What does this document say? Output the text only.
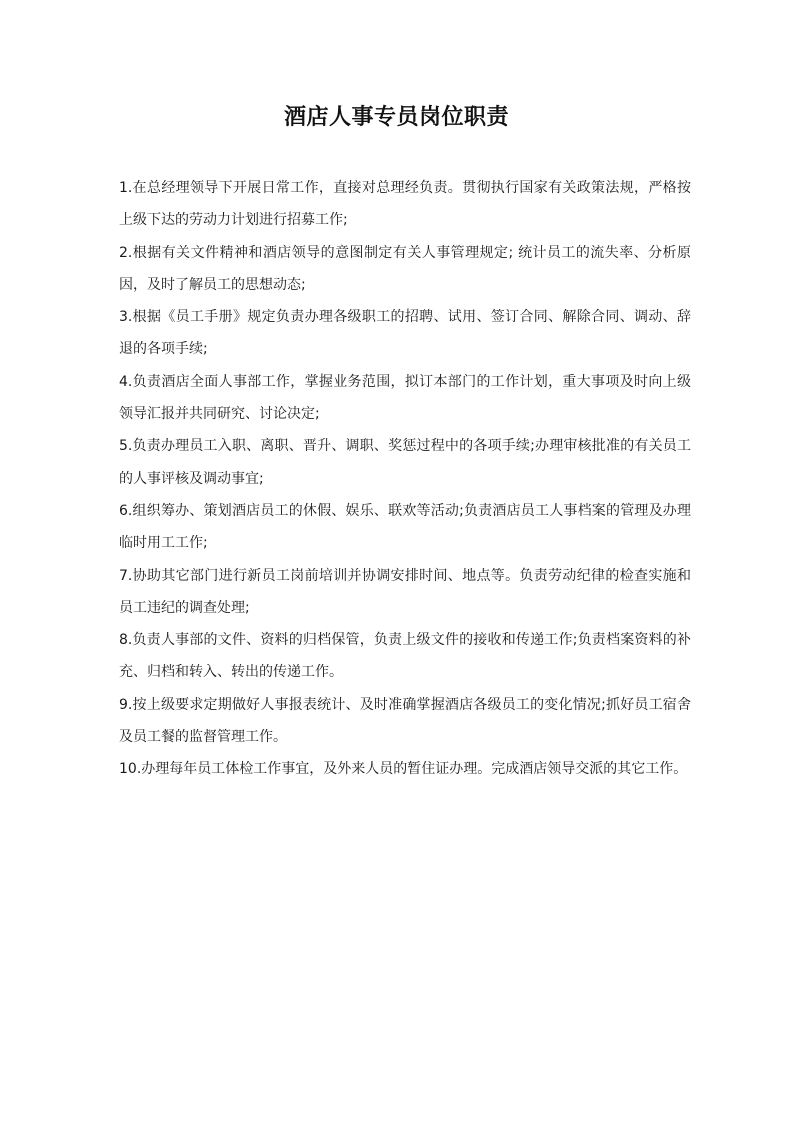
酒店人事专员岗位职责

1.在总经理领导下开展日常工作，直接对总理经负责。贯彻执行国家有关政策法规，严格按上级下达的劳动力计划进行招募工作;

2.根据有关文件精神和酒店领导的意图制定有关人事管理规定; 统计员工的流失率、分析原因，及时了解员工的思想动态;

3.根据《员工手册》规定负责办理各级职工的招聘、试用、签订合同、解除合同、调动、辞退的各项手续;

4.负责酒店全面人事部工作，掌握业务范围，拟订本部门的工作计划，重大事项及时向上级领导汇报并共同研究、讨论决定;

5.负责办理员工入职、离职、晋升、调职、奖惩过程中的各项手续;办理审核批准的有关员工的人事评核及调动事宜;

6.组织筹办、策划酒店员工的休假、娱乐、联欢等活动;负责酒店员工人事档案的管理及办理临时用工工作;

7.协助其它部门进行新员工岗前培训并协调安排时间、地点等。负责劳动纪律的检查实施和员工违纪的调查处理;

8.负责人事部的文件、资料的归档保管，负责上级文件的接收和传递工作;负责档案资料的补充、归档和转入、转出的传递工作。

9.按上级要求定期做好人事报表统计、及时准确掌握酒店各级员工的变化情况;抓好员工宿舍及员工餐的监督管理工作。

10.办理每年员工体检工作事宜，及外来人员的暂住证办理。完成酒店领导交派的其它工作。
